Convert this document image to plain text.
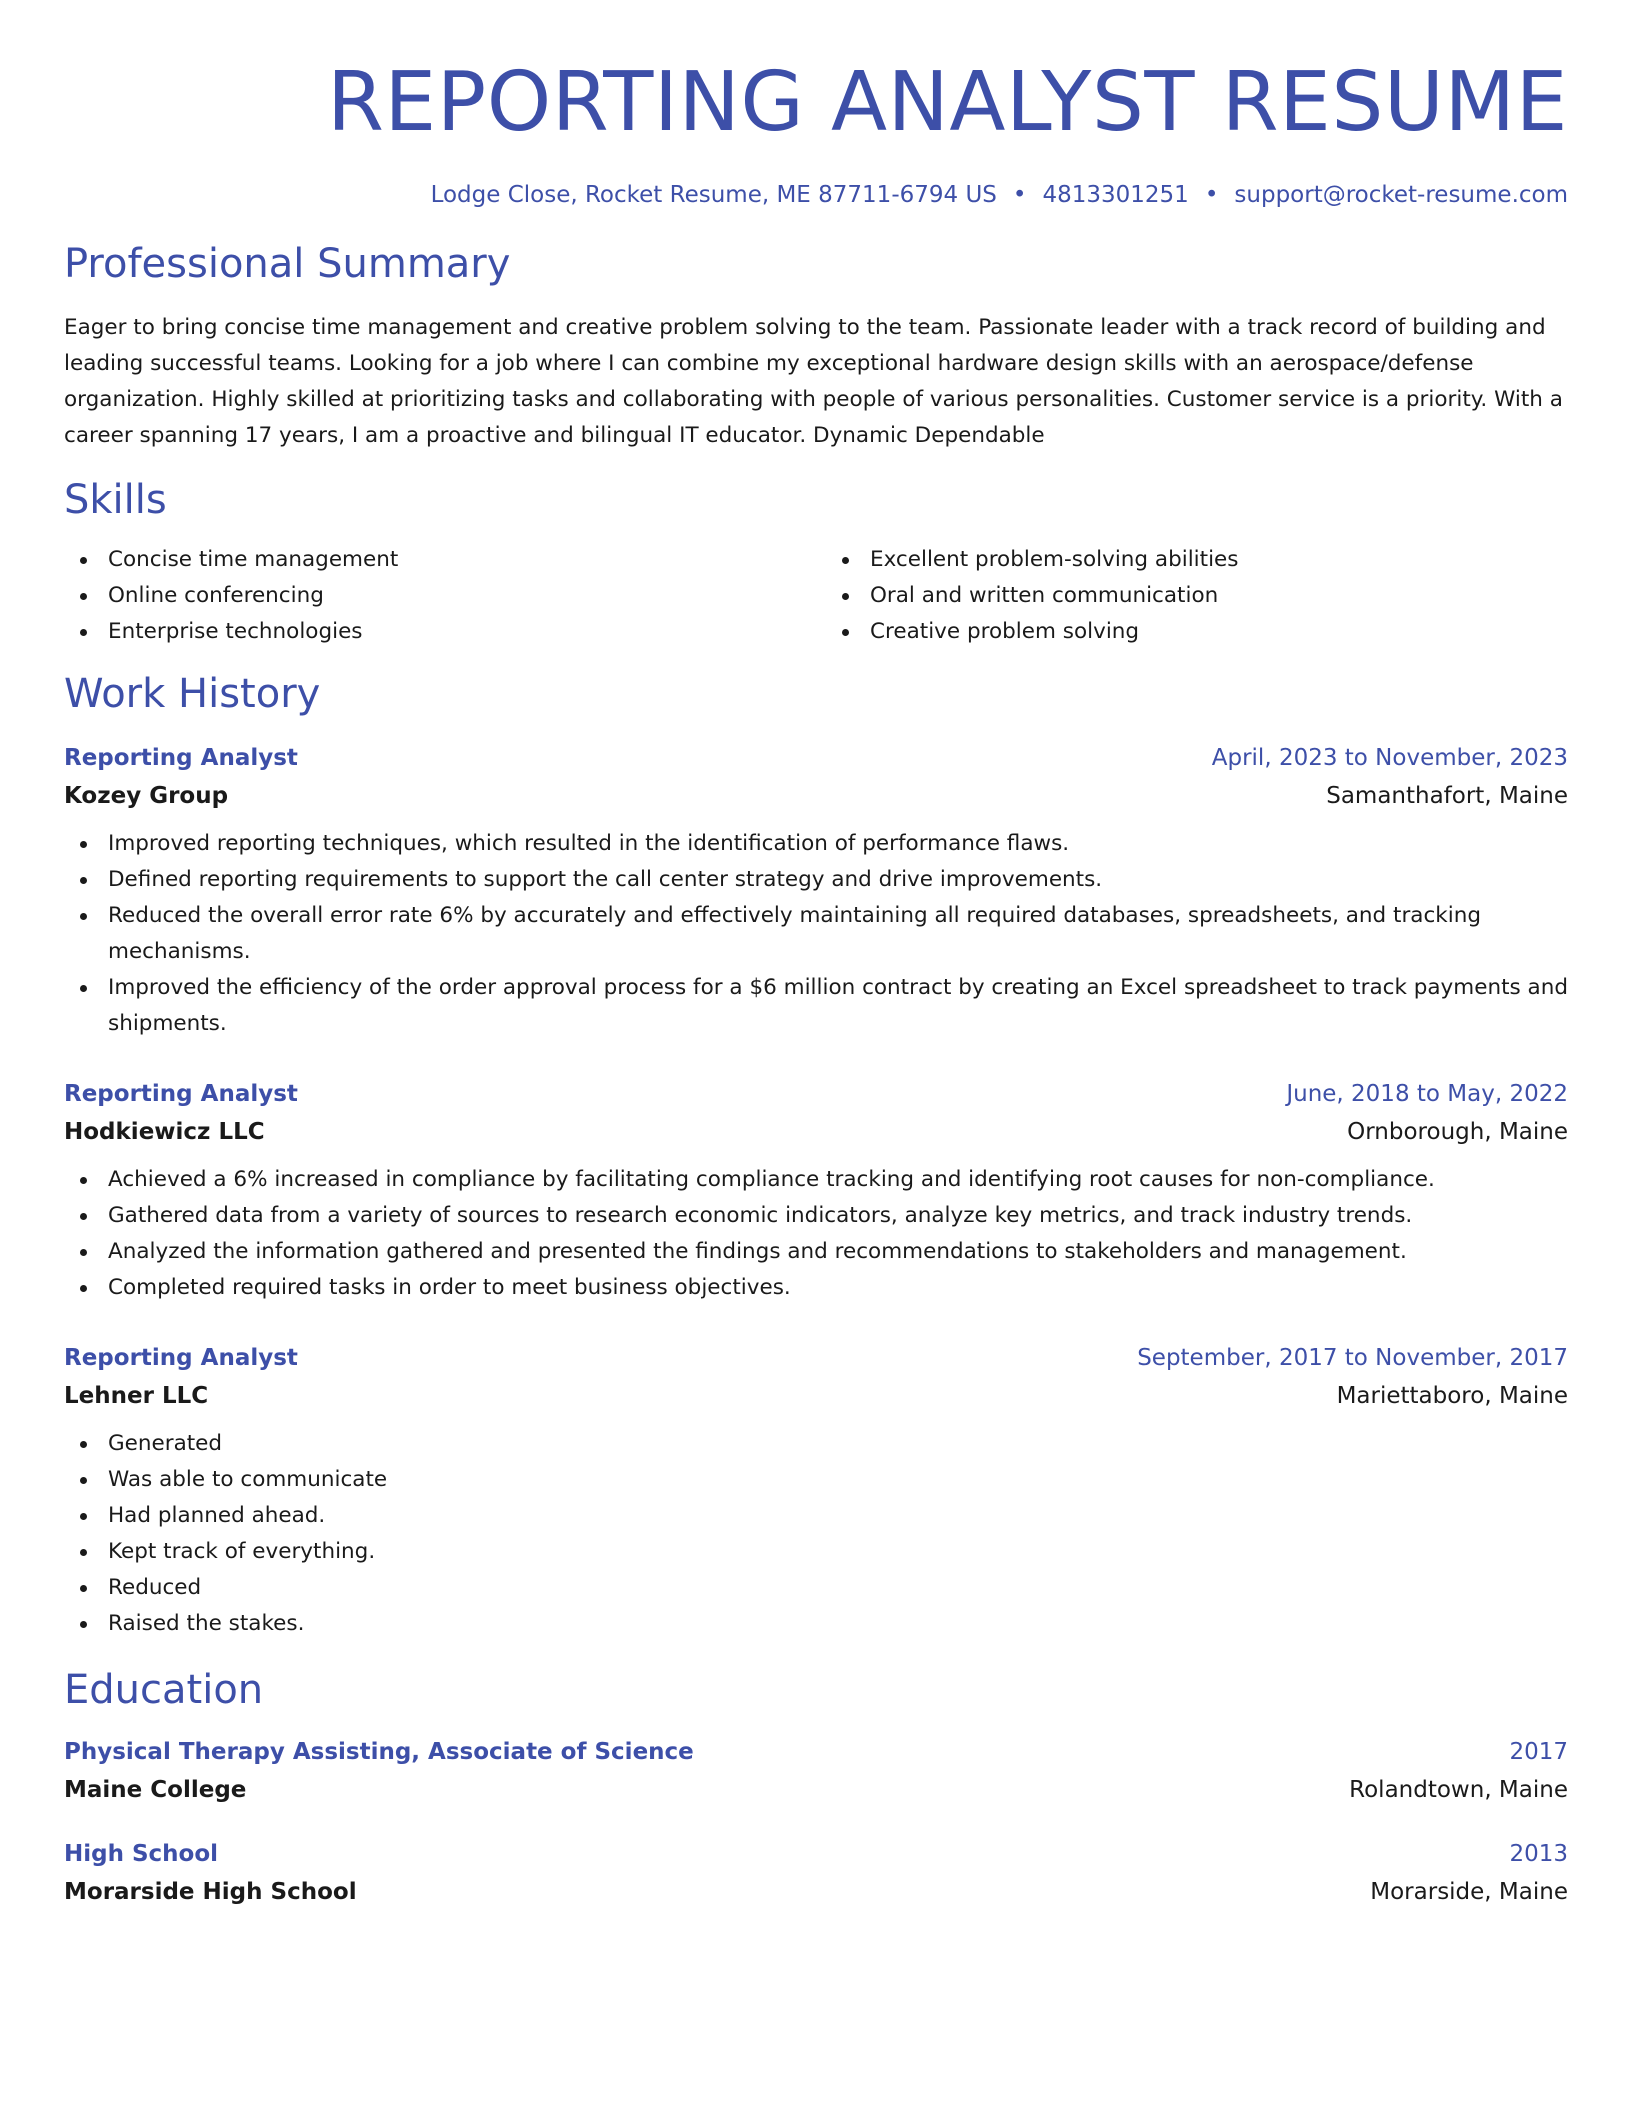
REPORTING ANALYST RESUME
Lodge Close, Rocket Resume, ME 87711-6794 US • 4813301251 • support@rocket-resume.com
Professional Summary

Eager to bring concise time management and creative problem solving to the team. Passionate leader with a track record of building and leading successful teams. Looking for a job where I can combine my exceptional hardware design skills with an aerospace/defense organization. Highly skilled at prioritizing tasks and collaborating with people of various personalities. Customer service is a priority. With a career spanning 17 years, I am a proactive and bilingual IT educator. Dynamic Dependable

Skills
Concise time management
Online conferencing
Enterprise technologies
Excellent problem-solving abilities
Oral and written communication
Creative problem solving
Work History
Reporting Analyst	April, 2023 to November, 2023
Kozey Group	Samanthafort, Maine
Improved reporting techniques, which resulted in the identification of performance flaws.
Defined reporting requirements to support the call center strategy and drive improvements.
Reduced the overall error rate 6% by accurately and effectively maintaining all required databases, spreadsheets, and tracking mechanisms.
Improved the efficiency of the order approval process for a $6 million contract by creating an Excel spreadsheet to track payments and shipments.
Reporting Analyst	June, 2018 to May, 2022
Hodkiewicz LLC	Ornborough, Maine
Achieved a 6% increased in compliance by facilitating compliance tracking and identifying root causes for non-compliance.
Gathered data from a variety of sources to research economic indicators, analyze key metrics, and track industry trends.
Analyzed the information gathered and presented the findings and recommendations to stakeholders and management.
Completed required tasks in order to meet business objectives.
Reporting Analyst	September, 2017 to November, 2017
Lehner LLC	Mariettaboro, Maine
Generated
Was able to communicate
Had planned ahead.
Kept track of everything.
Reduced
Raised the stakes.
Education
Physical Therapy Assisting, Associate of Science	2017
Maine College	Rolandtown, Maine
High School	2013
Morarside High School	Morarside, Maine
